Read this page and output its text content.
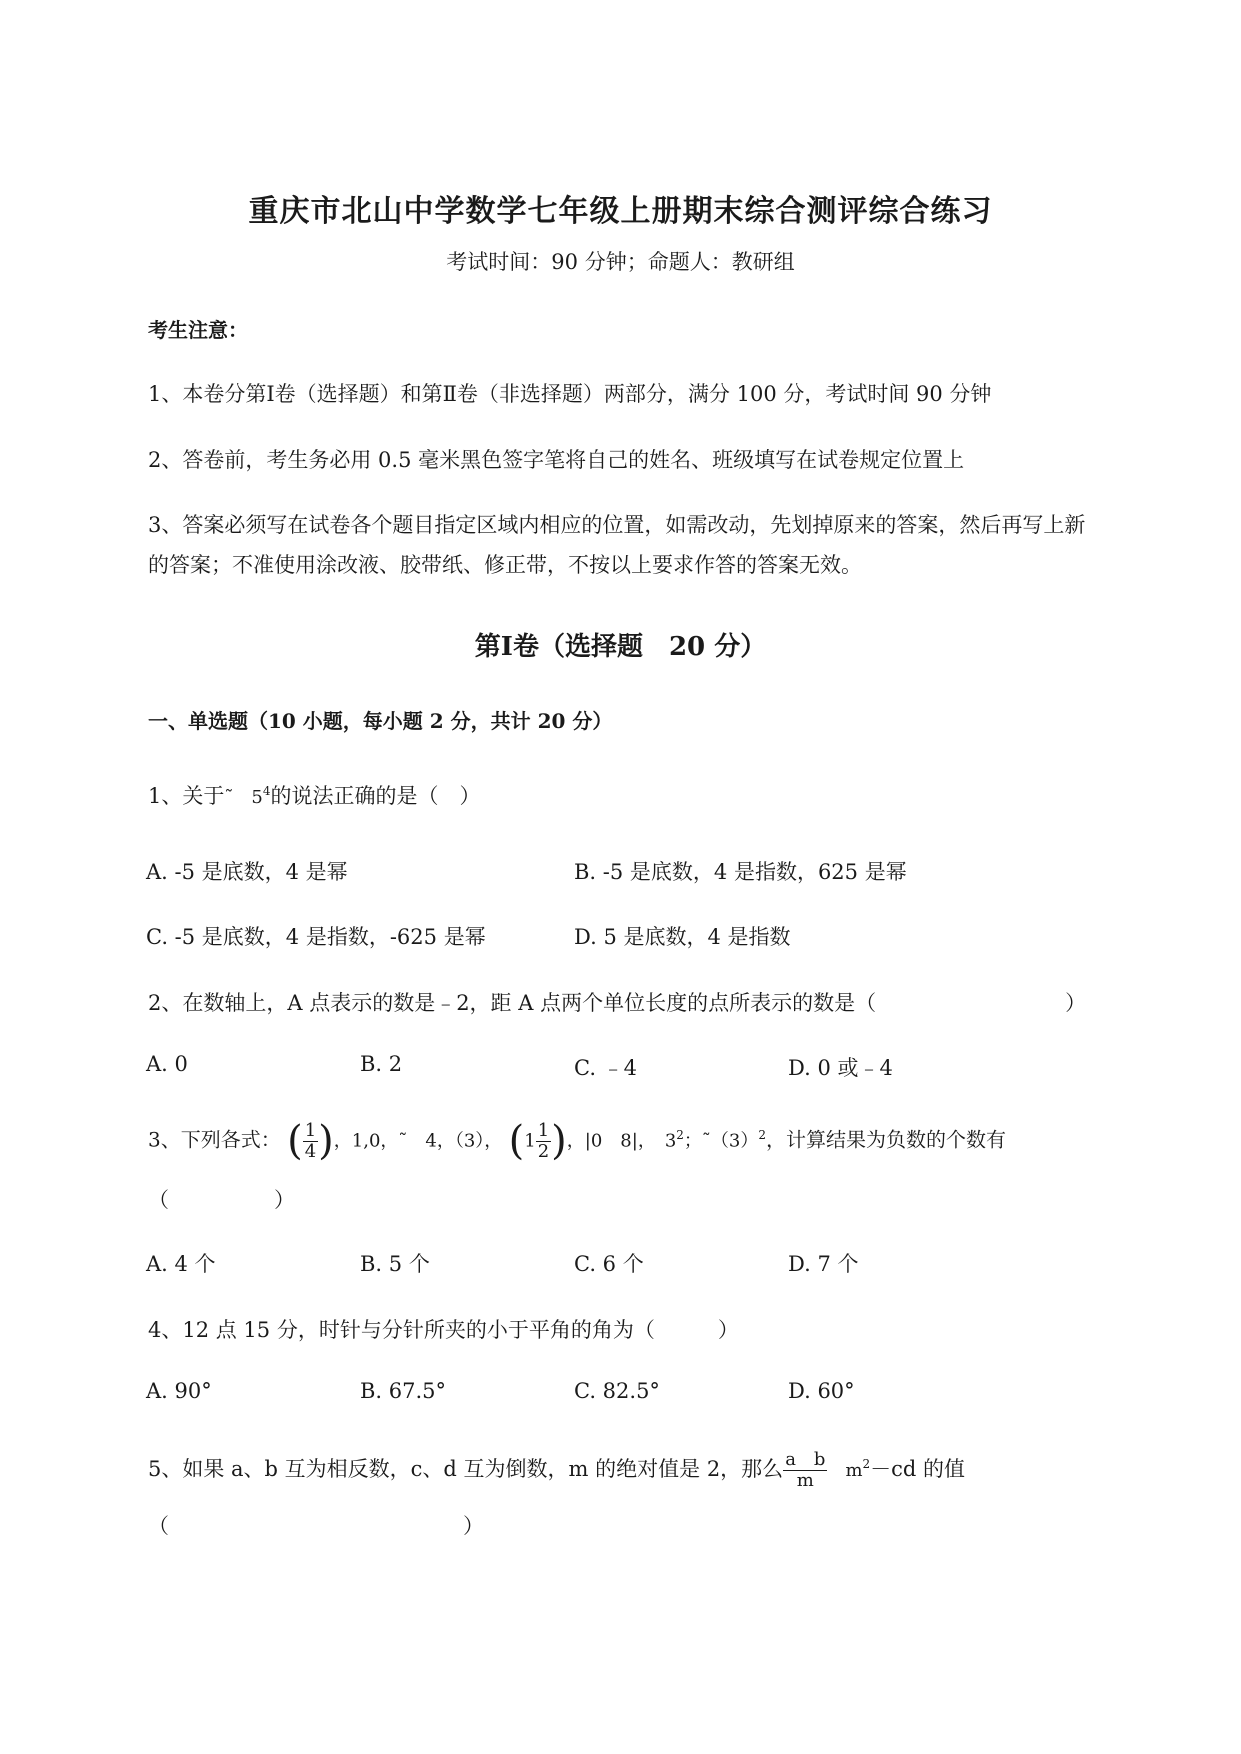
重庆市北山中学数学七年级上册期末综合测评综合练习
考试时间：90 分钟；命题人：教研组
考生注意：
1、本卷分第Ⅰ卷（选择题）和第Ⅱ卷（非选择题）两部分，满分 100 分，考试时间 90 分钟
2、答卷前，考生务必用 0.5 毫米黑色签字笔将自己的姓名、班级填写在试卷规定位置上
3、答案必须写在试卷各个题目指定区域内相应的位置，如需改动，先划掉原来的答案，然后再写上新
的答案；不准使用涂改液、胶带纸、修正带，不按以上要求作答的答案无效。
第Ⅰ卷（选择题　20 分）
一、单选题（10 小题，每小题 2 分，共计 20 分）
1、关于˜　$5^4$的说法正确的是（　）
A. -5 是底数，4 是幂	B. -5 是底数，4 是指数，625 是幂
C. -5 是底数，4 是指数，-625 是幂	D. 5 是底数，4 是指数
2、在数轴上，A 点表示的数是﹣2，距 A 点两个单位长度的点所表示的数是（　　　　　　　　　）
A. 0	B. 2	C. ﹣4	D. 0 或﹣4
3、下列各式： ( $\frac{1}{4}$ )，1,0，˜　4，（3）， ($1 \frac{1}{2}$ )，|0　8|，　$3^2$；$˜(3)^2$，计算结果为负数的个数有
（　　　　　）
A. 4 个	B. 5 个	C. 6 个	D. 7 个
4、12 点 15 分，时针与分针所夹的小于平角的角为（　　　）
A. 90°	B. 67.5°	C. 82.5°	D. 60°
5、如果 a、b 互为相反数，c、d 互为倒数，m 的绝对值是 2，那么 $\frac{\text{a　b}}{m}$ 　$m^2-cd$ 的值
（　　　　　　　　　　　　　　）
